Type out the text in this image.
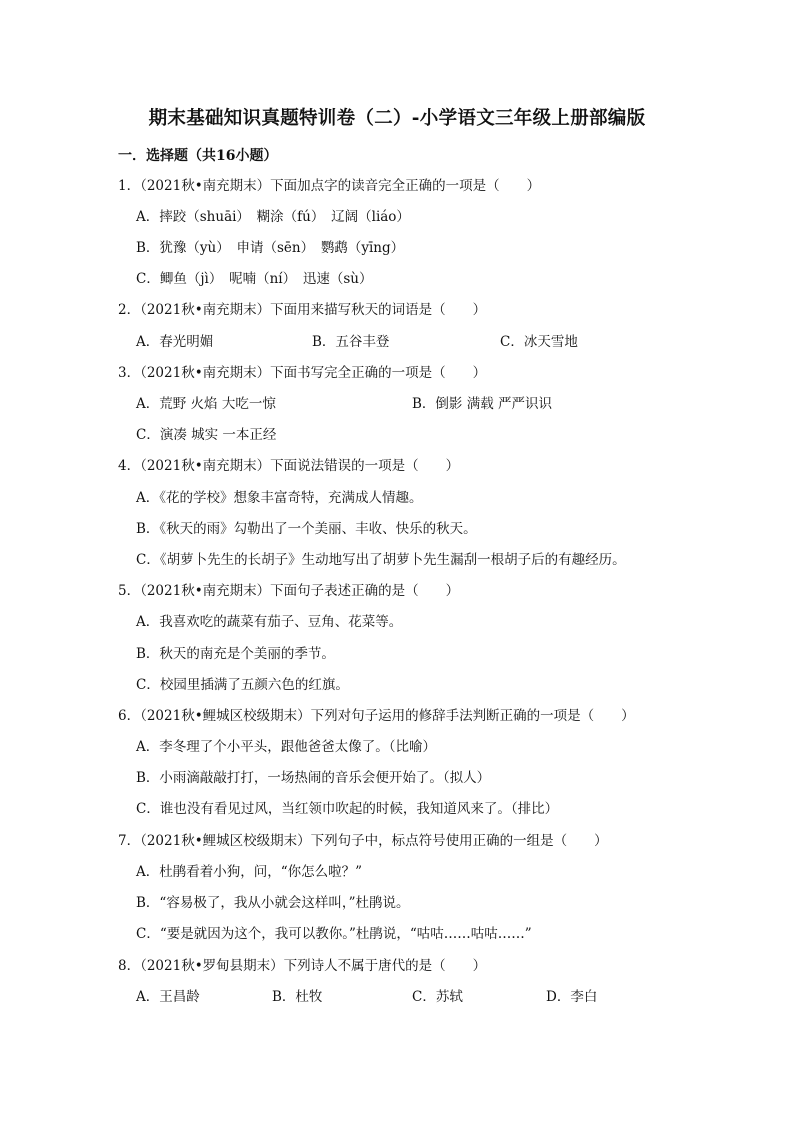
期末基础知识真题特训卷（二）-小学语文三年级上册部编版
一．选择题（共16小题）
1．（2021秋•南充期末）下面加点字的读音完全正确的一项是（　　）
A．摔跤（shuāi）　糊涂（fú）　辽阔（liáo）
B．犹豫（yù）　申请（sēn）　鹦鹉（yīng）
C．鲫鱼（jì）　呢喃（ní）　迅速（sù）
2．（2021秋•南充期末）下面用来描写秋天的词语是（　　）
A．春光明媚	B．五谷丰登	C．冰天雪地
3．（2021秋•南充期末）下面书写完全正确的一项是（　　）
A．荒野 火焰 大吃一惊	B．倒影 满载 严严识识
C．演凑 城实 一本正经
4．（2021秋•南充期末）下面说法错误的一项是（　　）
A．《花的学校》想象丰富奇特，充满成人情趣。
B．《秋天的雨》勾勒出了一个美丽、丰收、快乐的秋天。
C．《胡萝卜先生的长胡子》生动地写出了胡萝卜先生漏刮一根胡子后的有趣经历。
5．（2021秋•南充期末）下面句子表述正确的是（　　）
A．我喜欢吃的蔬菜有茄子、豆角、花菜等。
B．秋天的南充是个美丽的季节。
C．校园里插满了五颜六色的红旗。
6．（2021秋•鲤城区校级期末）下列对句子运用的修辞手法判断正确的一项是（　　）
A．李冬理了个小平头，跟他爸爸太像了。（比喻）
B．小雨滴敲敲打打，一场热闹的音乐会便开始了。（拟人）
C．谁也没有看见过风，当红领巾吹起的时候，我知道风来了。（排比）
7．（2021秋•鲤城区校级期末）下列句子中，标点符号使用正确的一组是（　　）
A．杜鹃看着小狗，问，“你怎么啦？”
B．“容易极了，我从小就会这样叫，”杜鹃说。
C．“要是就因为这个，我可以教你。”杜鹃说，“咕咕……咕咕……”
8．（2021秋•罗甸县期末）下列诗人不属于唐代的是（　　）
A．王昌龄	B．杜牧	C．苏轼	D．李白
